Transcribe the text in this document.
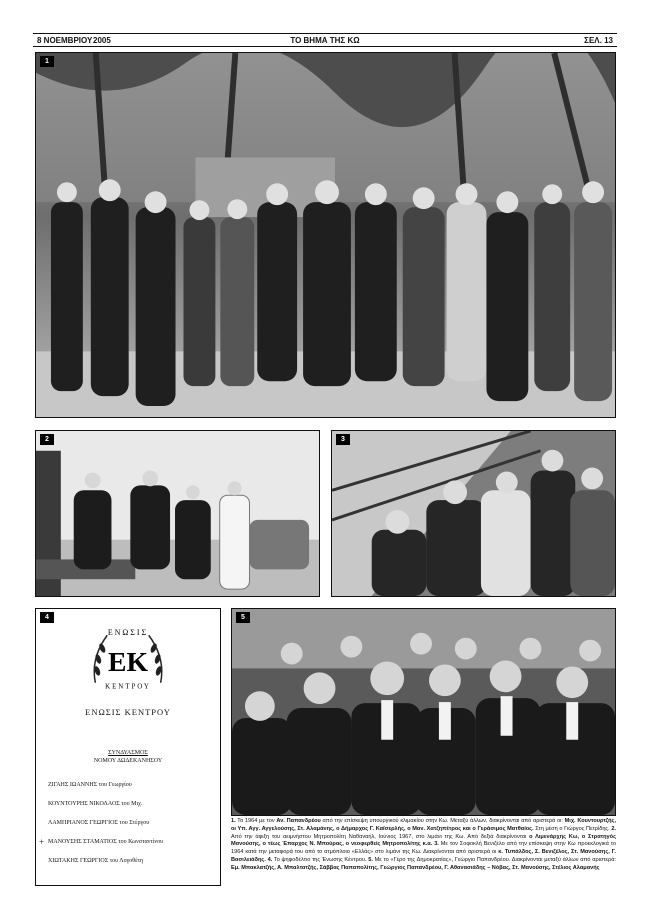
8 ΝΟΕΜΒΡΙΟΥ 2005	ΤΟ ΒΗΜΑ ΤΗΣ ΚΩ	ΣΕΛ. 13
1
2	3
4
ΕΝΩΣΙΣ
ΕΚ
ΚΕΝΤΡΟΥ
ΕΝΩΣΙΣ ΚΕΝΤΡΟΥ
ΣΥΝΔΥΑΣΜΟΣ
ΝΟΜΟΥ ΔΩΔΕΚΑΝΗΣΟΥ
ΖΙΓΑΗΣ ΙΩΑΝΝΗΣ του Γεωργίου
ΚΟΥΝΤΟΥΡΗΣ ΝΙΚΟΛΑΟΣ του Μιχ.
ΛΑΜΠΡΙΑΝΟΣ ΓΕΩΡΓΙΟΣ του Στέργου
+ ΜΑΝΟΥΣΗΣ ΣΤΑΜΑΤΙΟΣ του Κωνσταντίνου
ΧΙΩΤΑΚΗΣ ΓΕΩΡΓΙΟΣ του Λογοθέτη
5
1. Το 1964 με τον Αν. Παπανδρέου από την επίσκεψη υπουργικού κλιμακίου στην Κω. Μεταξύ άλλων, διακρίνονται από αριστερά οι: Μιχ. Κουντουρτζής, οι Υπ. Αγγ. Αγγελούσης, Στ. Αλαμάνης, ο Δήμαρχος Γ. Καϊσερλής, ο Μαν. Χατζηπέτρος και ο Γεράσιμος Ματθαίος. Στη μέση ο Γιώργος Πετρίδης. 2. Από την άφιξη του αειμνήστου Μητροπολίτη Ναθαναήλ, Ιούνιος 1967, στο λιμάνι της Κω. Από δεξιά διακρίνονται ο Λιμενάρχης Κω, ο Στρατηγός Μανούσης, ο τέως Έπαρχος Ν. Μπούρας, ο νεοφερθείς Μητροπολίτης κ.α. 3. Με τον Σοφοκλή Βενιζέλο από την επίσκεψη στην Κω προεκλογικά το 1964 κατά την μεταφορά του από το ατμόπλοιο «Ελλάς» στο λιμάνι της Κω. Διακρίνονται από αριστερά οι κ. Τυπάλδος, Σ. Βενιζέλος, Στ. Μανούσης, Γ. Βασιλειάδης. 4. Το ψηφοδέλτιο της Ένωσης Κέντρου. 5. Με το «Γέρο της Δημοκρατίας», Γεώργιο Παπανδρέου. Διακρίνονται μεταξύ άλλων από αριστερά: Εμ. Μπακλατζής, Α. Μπαλτατζής, Σάββας Παπαπολίτης, Γεώργιος Παπανδρέου, Γ. Αθανασιάδης – Νόβας, Στ. Μανούσης, Στέλιος Αλαμανής
